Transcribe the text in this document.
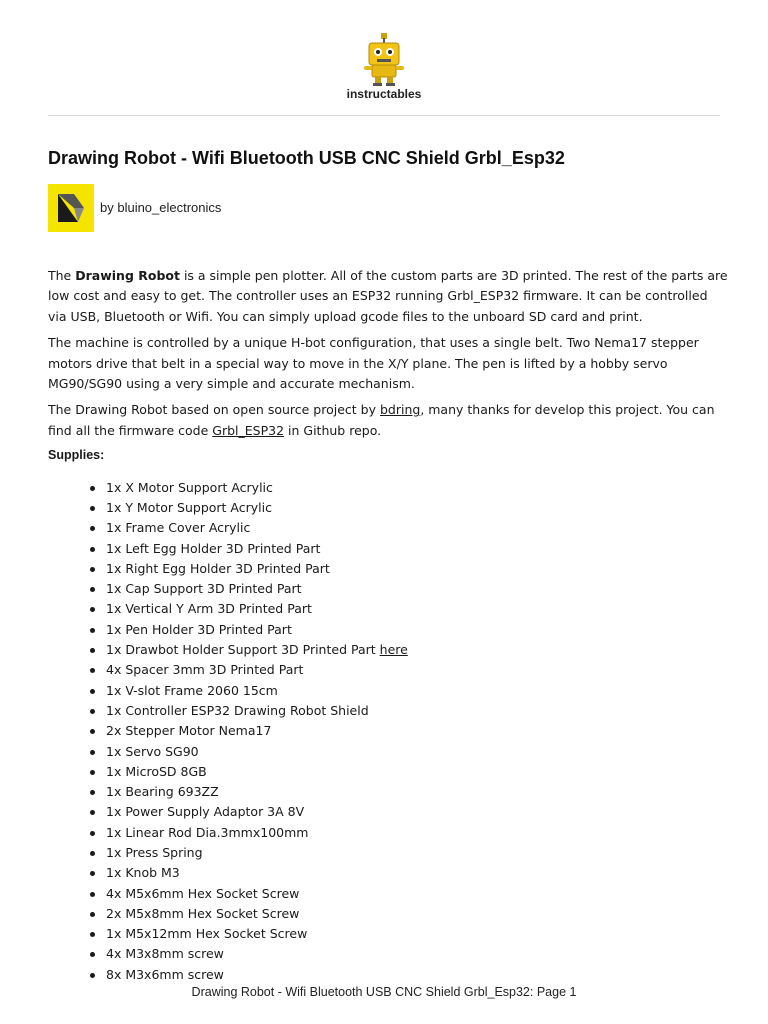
instructables
Drawing Robot - Wifi Bluetooth USB CNC Shield Grbl_Esp32
by bluino_electronics

The Drawing Robot is a simple pen plotter. All of the custom parts are 3D printed. The rest of the parts are low cost and easy to get. The controller uses an ESP32 running Grbl_ESP32 firmware. It can be controlled via USB, Bluetooth or Wifi. You can simply upload gcode files to the unboard SD card and print.

The machine is controlled by a unique H-bot configuration, that uses a single belt. Two Nema17 stepper motors drive that belt in a special way to move in the X/Y plane. The pen is lifted by a hobby servo MG90/SG90 using a very simple and accurate mechanism.

The Drawing Robot based on open source project by bdring, many thanks for develop this project. You can find all the firmware code Grbl_ESP32 in Github repo.

Supplies:
1x X Motor Support Acrylic
1x Y Motor Support Acrylic
1x Frame Cover Acrylic
1x Left Egg Holder 3D Printed Part
1x Right Egg Holder 3D Printed Part
1x Cap Support 3D Printed Part
1x Vertical Y Arm 3D Printed Part
1x Pen Holder 3D Printed Part
1x Drawbot Holder Support 3D Printed Part here
4x Spacer 3mm 3D Printed Part
1x V-slot Frame 2060 15cm
1x Controller ESP32 Drawing Robot Shield
2x Stepper Motor Nema17
1x Servo SG90
1x MicroSD 8GB
1x Bearing 693ZZ
1x Power Supply Adaptor 3A 8V
1x Linear Rod Dia.3mmx100mm
1x Press Spring
1x Knob M3
4x M5x6mm Hex Socket Screw
2x M5x8mm Hex Socket Screw
1x M5x12mm Hex Socket Screw
4x M3x8mm screw
8x M3x6mm screw
Drawing Robot - Wifi Bluetooth USB CNC Shield Grbl_Esp32: Page 1
